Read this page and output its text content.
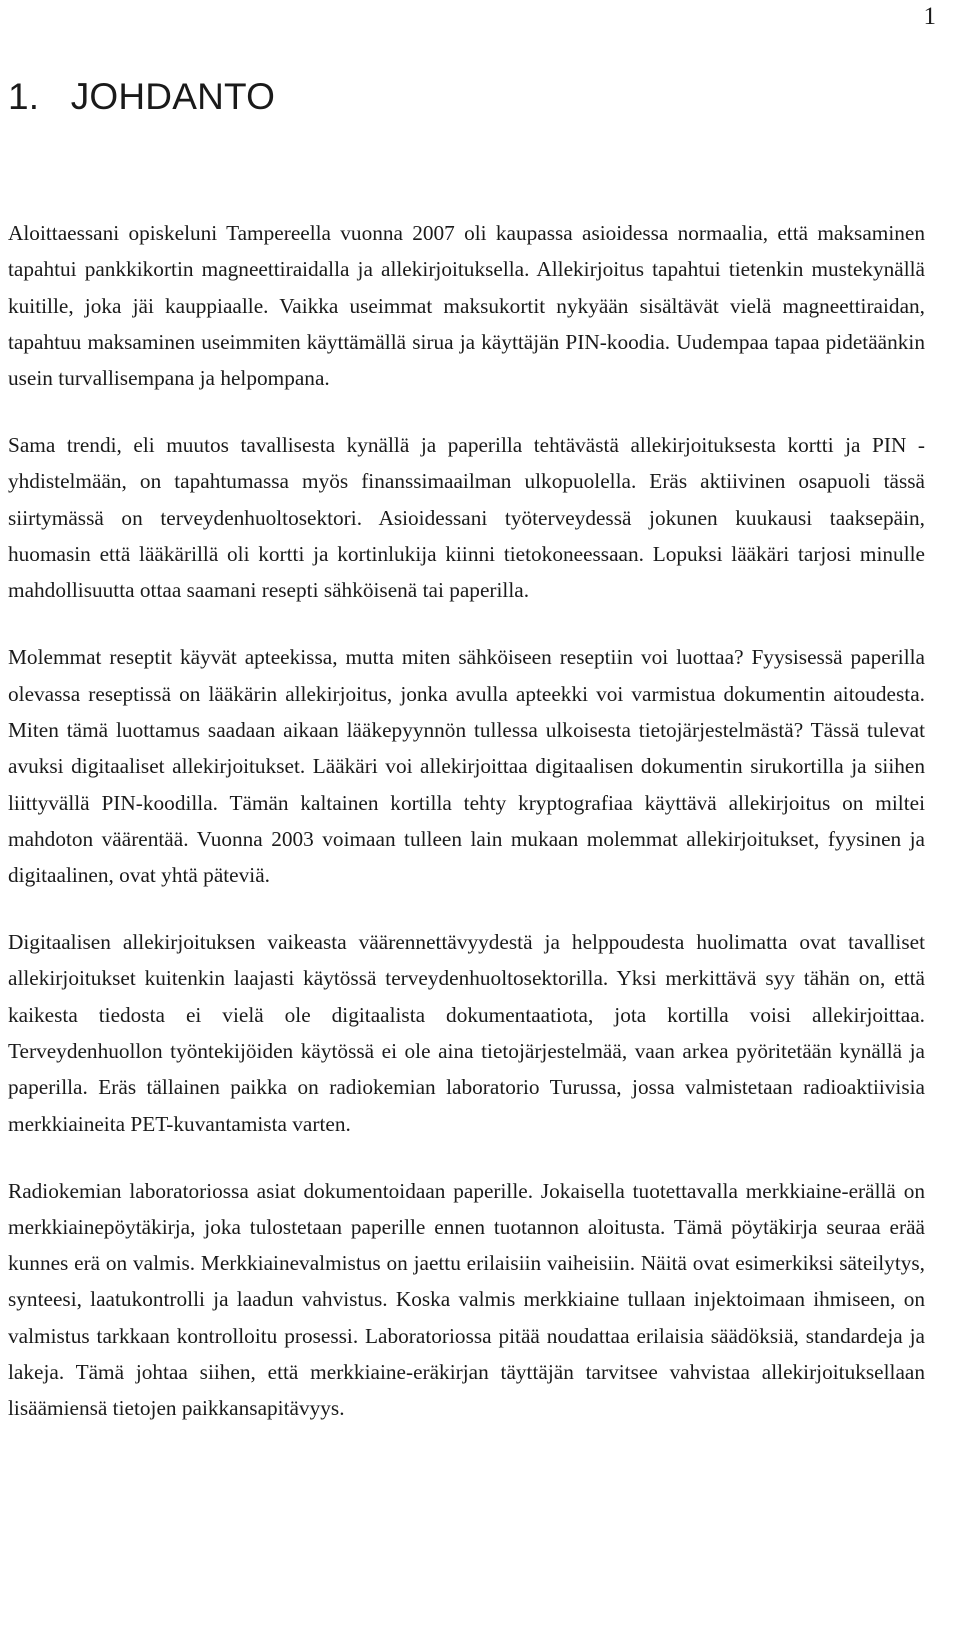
1
1.   JOHDANTO

Aloittaessani opiskeluni Tampereella vuonna 2007 oli kaupassa asioidessa normaalia, että maksaminen tapahtui pankkikortin magneettiraidalla ja allekirjoituksella. Allekirjoitus tapahtui tietenkin mustekynällä kuitille, joka jäi kauppiaalle. Vaikka useimmat maksukortit nykyään sisältävät vielä magneettiraidan, tapahtuu maksaminen useimmiten käyttämällä sirua ja käyttäjän PIN-koodia. Uudempaa tapaa pidetäänkin usein turvallisempana ja helpompana.

Sama trendi, eli muutos tavallisesta kynällä ja paperilla tehtävästä allekirjoituksesta kortti ja PIN -yhdistelmään, on tapahtumassa myös finanssimaailman ulkopuolella. Eräs aktiivinen osapuoli tässä siirtymässä on terveydenhuoltosektori. Asioidessani työterveydessä jokunen kuukausi taaksepäin, huomasin että lääkärillä oli kortti ja kortinlukija kiinni tietokoneessaan. Lopuksi lääkäri tarjosi minulle mahdollisuutta ottaa saamani resepti sähköisenä tai paperilla.

Molemmat reseptit käyvät apteekissa, mutta miten sähköiseen reseptiin voi luottaa? Fyysisessä paperilla olevassa reseptissä on lääkärin allekirjoitus, jonka avulla apteekki voi varmistua dokumentin aitoudesta. Miten tämä luottamus saadaan aikaan lääkepyynnön tullessa ulkoisesta tietojärjestelmästä? Tässä tulevat avuksi digitaaliset allekirjoitukset. Lääkäri voi allekirjoittaa digitaalisen dokumentin sirukortilla ja siihen liittyvällä PIN-koodilla. Tämän kaltainen kortilla tehty kryptografiaa käyttävä allekirjoitus on miltei mahdoton väärentää. Vuonna 2003 voimaan tulleen lain mukaan molemmat allekirjoitukset, fyysinen ja digitaalinen, ovat yhtä päteviä.

Digitaalisen allekirjoituksen vaikeasta väärennettävyydestä ja helppoudesta huolimatta ovat tavalliset allekirjoitukset kuitenkin laajasti käytössä terveydenhuoltosektorilla. Yksi merkittävä syy tähän on, että kaikesta tiedosta ei vielä ole digitaalista dokumentaatiota, jota kortilla voisi allekirjoittaa. Terveydenhuollon työntekijöiden käytössä ei ole aina tietojärjestelmää, vaan arkea pyöritetään kynällä ja paperilla. Eräs tällainen paikka on radiokemian laboratorio Turussa, jossa valmistetaan radioaktiivisia merkkiaineita PET-kuvantamista varten.

Radiokemian laboratoriossa asiat dokumentoidaan paperille. Jokaisella tuotettavalla merkkiaine-erällä on merkkiainepöytäkirja, joka tulostetaan paperille ennen tuotannon aloitusta. Tämä pöytäkirja seuraa erää kunnes erä on valmis. Merkkiainevalmistus on jaettu erilaisiin vaiheisiin. Näitä ovat esimerkiksi säteilytys, synteesi, laatukontrolli ja laadun vahvistus. Koska valmis merkkiaine tullaan injektoimaan ihmiseen, on valmistus tarkkaan kontrolloitu prosessi. Laboratoriossa pitää noudattaa erilaisia säädöksiä, standardeja ja lakeja. Tämä johtaa siihen, että merkkiaine-eräkirjan täyttäjän tarvitsee vahvistaa allekirjoituksellaan lisäämiensä tietojen paikkansapitävyys.
